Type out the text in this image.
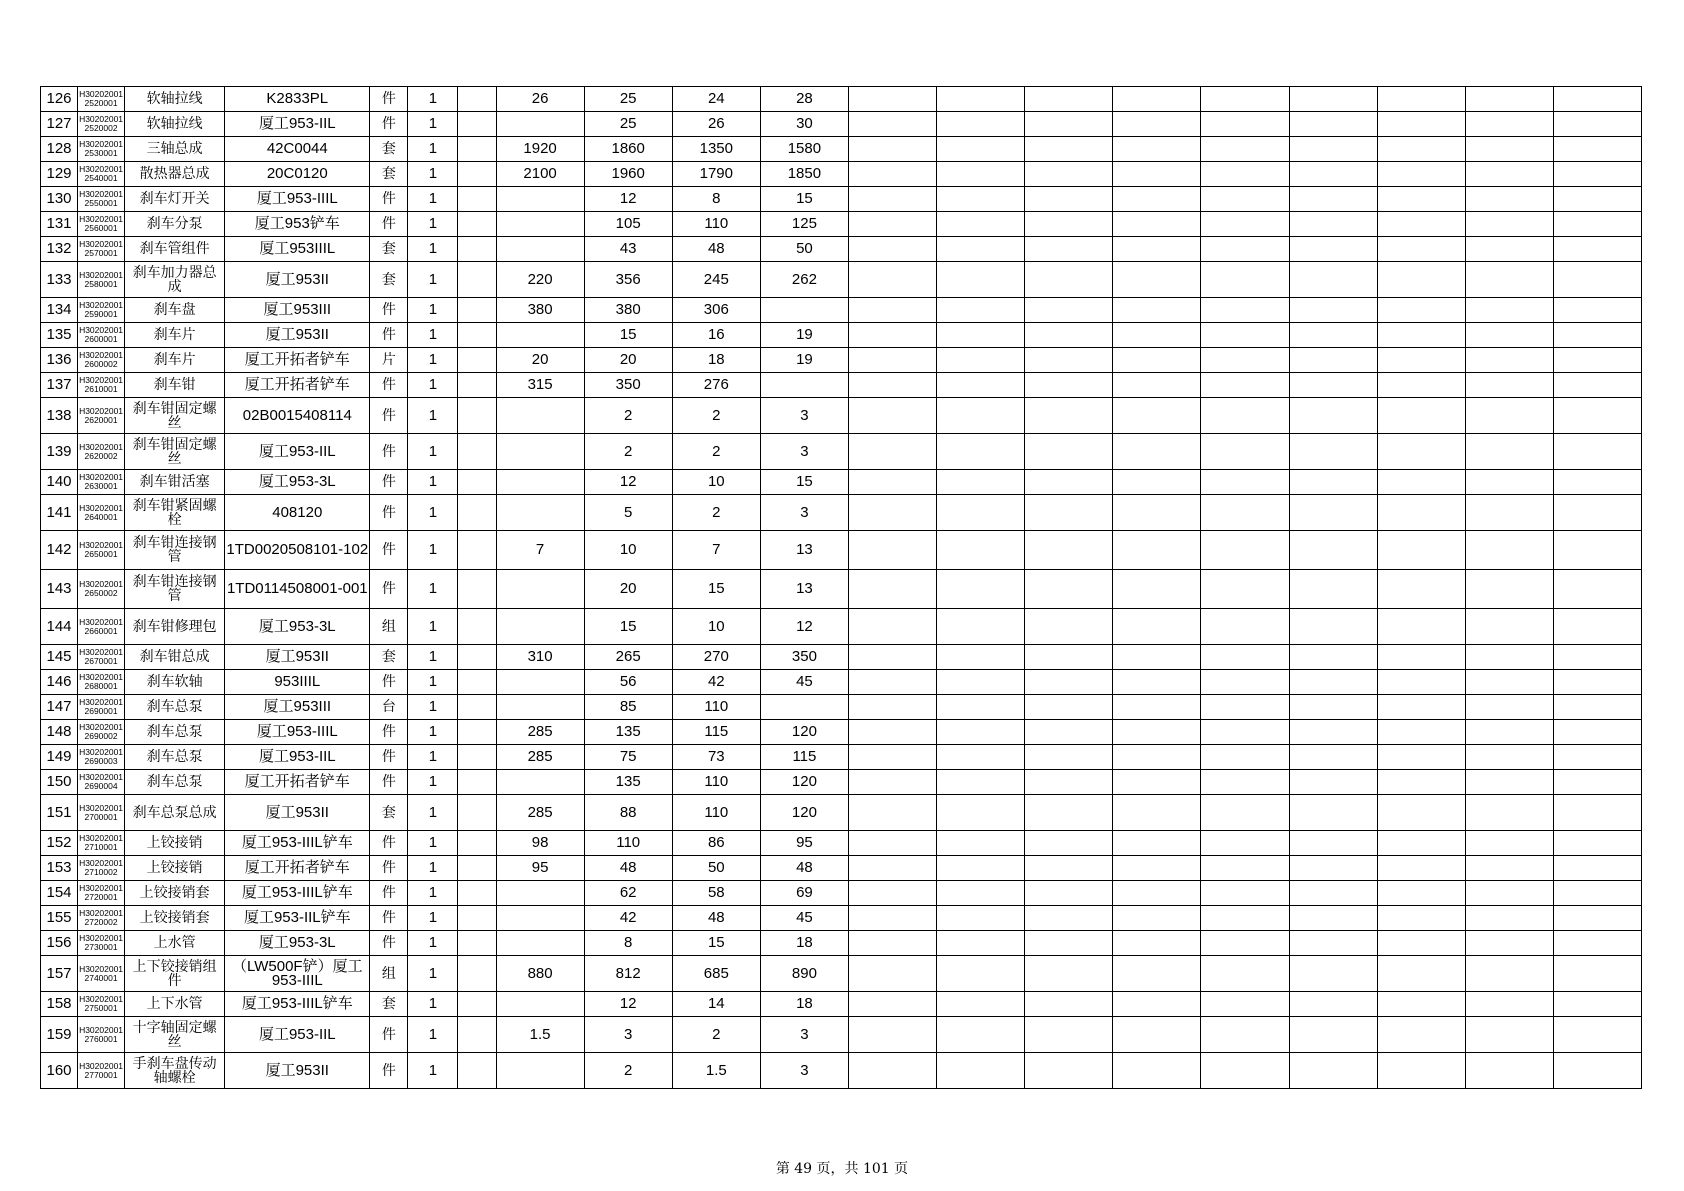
126	H302020012520001	软轴拉线	K2833PL	件	1		26	25	24	28									
127	H302020012520002	软轴拉线	厦工953-IIL	件	1			25	26	30									
128	H302020012530001	三轴总成	42C0044	套	1		1920	1860	1350	1580									
129	H302020012540001	散热器总成	20C0120	套	1		2100	1960	1790	1850									
130	H302020012550001	刹车灯开关	厦工953-IIIL	件	1			12	8	15									
131	H302020012560001	刹车分泵	厦工953铲车	件	1			105	110	125									
132	H302020012570001	刹车管组件	厦工953IIIL	套	1			43	48	50									
133	H302020012580001	刹车加力器总成	厦工953II	套	1		220	356	245	262									
134	H302020012590001	刹车盘	厦工953III	件	1		380	380	306										
135	H302020012600001	刹车片	厦工953II	件	1			15	16	19									
136	H302020012600002	刹车片	厦工开拓者铲车	片	1		20	20	18	19									
137	H302020012610001	刹车钳	厦工开拓者铲车	件	1		315	350	276										
138	H302020012620001	刹车钳固定螺丝	02B0015408114	件	1			2	2	3									
139	H302020012620002	刹车钳固定螺丝	厦工953-IIL	件	1			2	2	3									
140	H302020012630001	刹车钳活塞	厦工953-3L	件	1			12	10	15									
141	H302020012640001	刹车钳紧固螺栓	408120	件	1			5	2	3									
142	H302020012650001	刹车钳连接钢管	1TD0020508101-102	件	1		7	10	7	13									
143	H302020012650002	刹车钳连接钢管	1TD0114508001-001	件	1			20	15	13									
144	H302020012660001	刹车钳修理包	厦工953-3L	组	1			15	10	12									
145	H302020012670001	刹车钳总成	厦工953II	套	1		310	265	270	350									
146	H302020012680001	刹车软轴	953IIIL	件	1			56	42	45									
147	H302020012690001	刹车总泵	厦工953III	台	1			85	110										
148	H302020012690002	刹车总泵	厦工953-IIIL	件	1		285	135	115	120									
149	H302020012690003	刹车总泵	厦工953-IIL	件	1		285	75	73	115									
150	H302020012690004	刹车总泵	厦工开拓者铲车	件	1			135	110	120									
151	H302020012700001	刹车总泵总成	厦工953II	套	1		285	88	110	120									
152	H302020012710001	上铰接销	厦工953-IIIL铲车	件	1		98	110	86	95									
153	H302020012710002	上铰接销	厦工开拓者铲车	件	1		95	48	50	48									
154	H302020012720001	上铰接销套	厦工953-IIIL铲车	件	1			62	58	69									
155	H302020012720002	上铰接销套	厦工953-IIL铲车	件	1			42	48	45									
156	H302020012730001	上水管	厦工953-3L	件	1			8	15	18									
157	H302020012740001	上下铰接销组件	（LW500F铲）厦工953-IIIL	组	1		880	812	685	890									
158	H302020012750001	上下水管	厦工953-IIIL铲车	套	1			12	14	18									
159	H302020012760001	十字轴固定螺丝	厦工953-IIL	件	1		1.5	3	2	3									
160	H302020012770001	手刹车盘传动轴螺栓	厦工953II	件	1			2	1.5	3									
第 49 页，共 101 页
